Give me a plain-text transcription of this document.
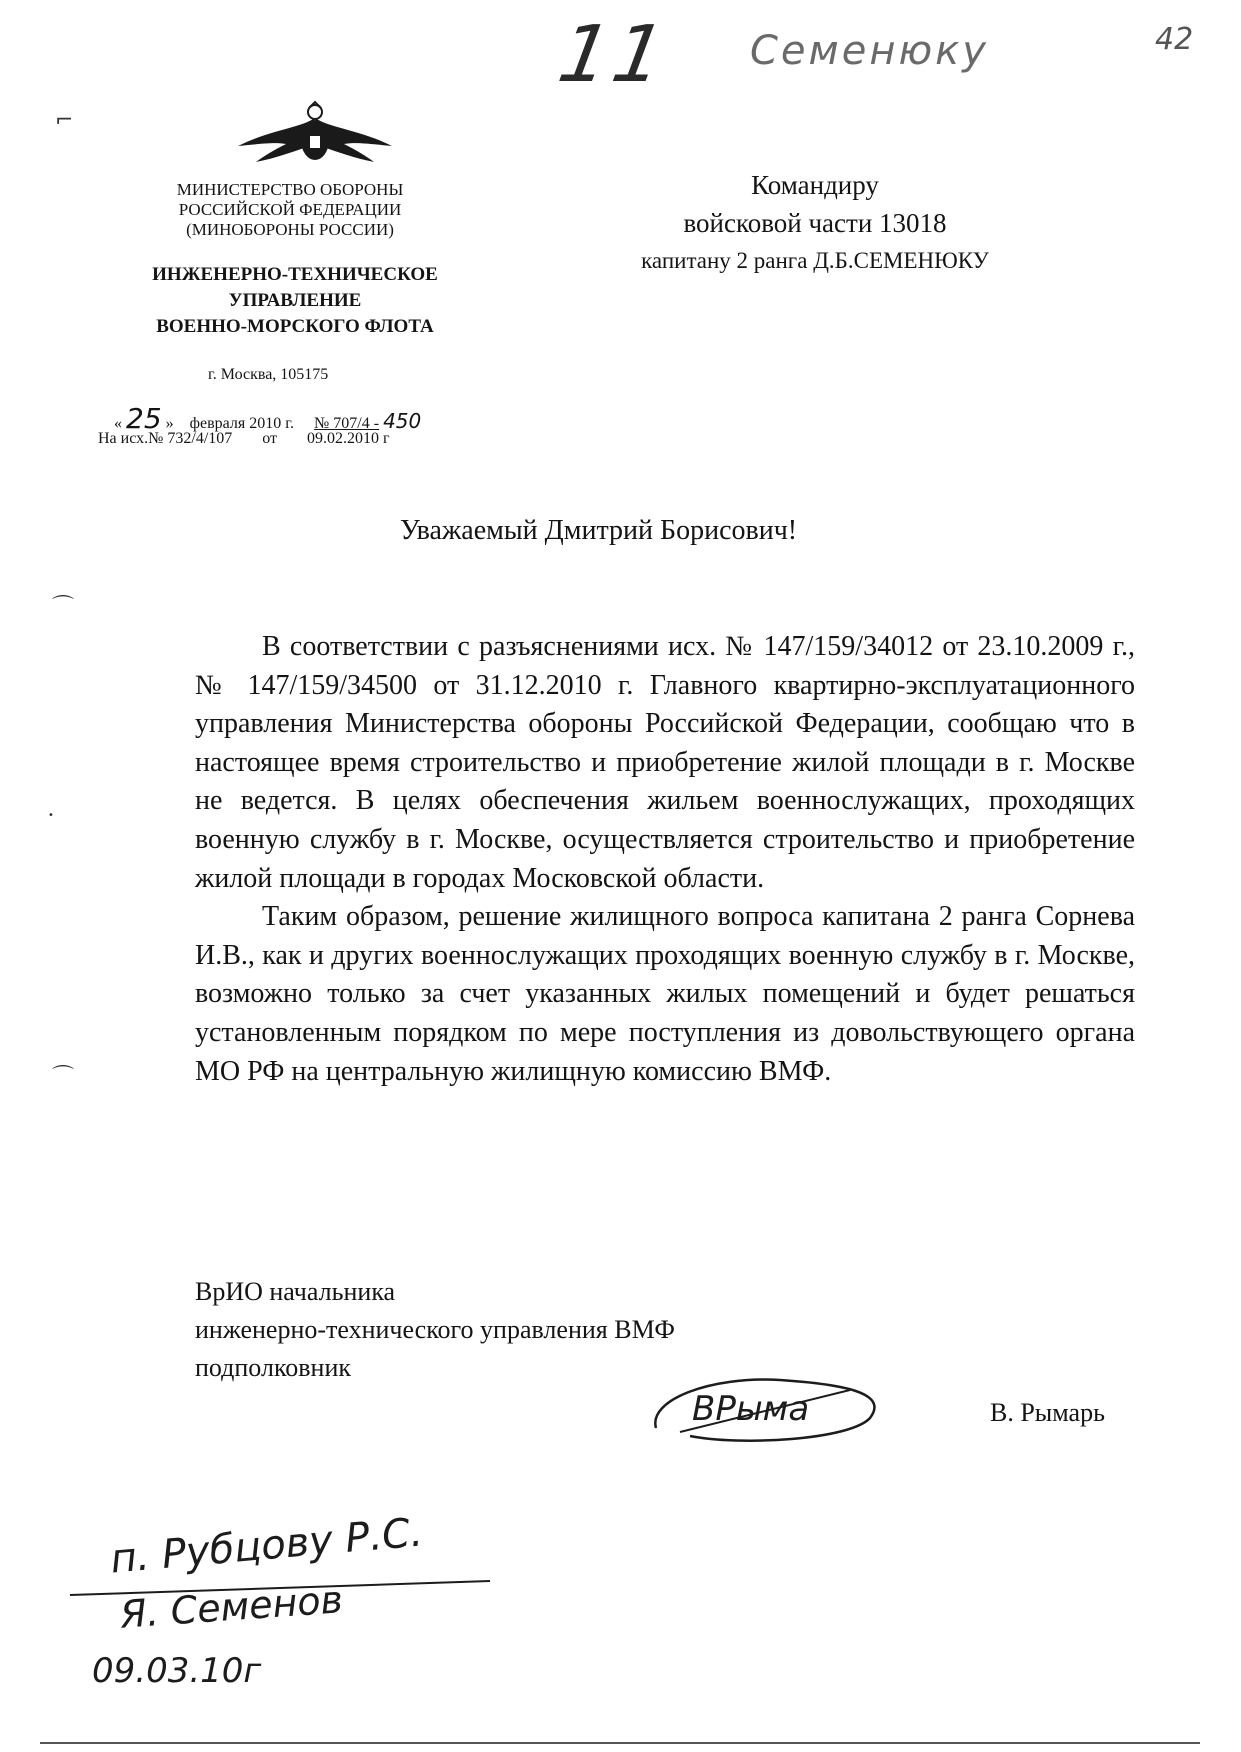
11 Семенюку	42
МИНИСТЕРСТВО ОБОРОНЫ
РОССИЙСКОЙ ФЕДЕРАЦИИ
(МИНОБОРОНЫ РОССИИ)
ИНЖЕНЕРНО-ТЕХНИЧЕСКОЕ
УПРАВЛЕНИЕ
ВОЕННО-МОРСКОГО ФЛОТА
г. Москва, 105175
« 25 » февраля 2010 г. № 707/4 - 450
На исх.№ 732/4/107 от 09.02.2010 г
Командиру
войсковой части 13018
капитану 2 ранга Д.Б.СЕМЕНЮКУ
Уважаемый Дмитрий Борисович!

В соответствии с разъяснениями исх. № 147/159/34012 от 23.10.2009 г., № 147/159/34500 от 31.12.2010 г. Главного квартирно-эксплуатационного управления Министерства обороны Российской Федерации, сообщаю что в настоящее время строительство и приобретение жилой площади в г. Москве не ведется. В целях обеспечения жильем военнослужащих, проходящих военную службу в г. Москве, осуществляется строительство и приобретение жилой площади в городах Московской области.

Таким образом, решение жилищного вопроса капитана 2 ранга Сорнева И.В., как и других военнослужащих проходящих военную службу в г. Москве, возможно только за счет указанных жилых помещений и будет решаться установленным порядком по мере поступления из довольствующего органа МО РФ на центральную жилищную комиссию ВМФ.

ВрИО начальника
инженерно-технического управления ВМФ
подполковник
ВРыма	В. Рымарь
п. Рубцову Р.С.
Я. Семенов
09.03.10г
⌐
⌒
⌒
•
